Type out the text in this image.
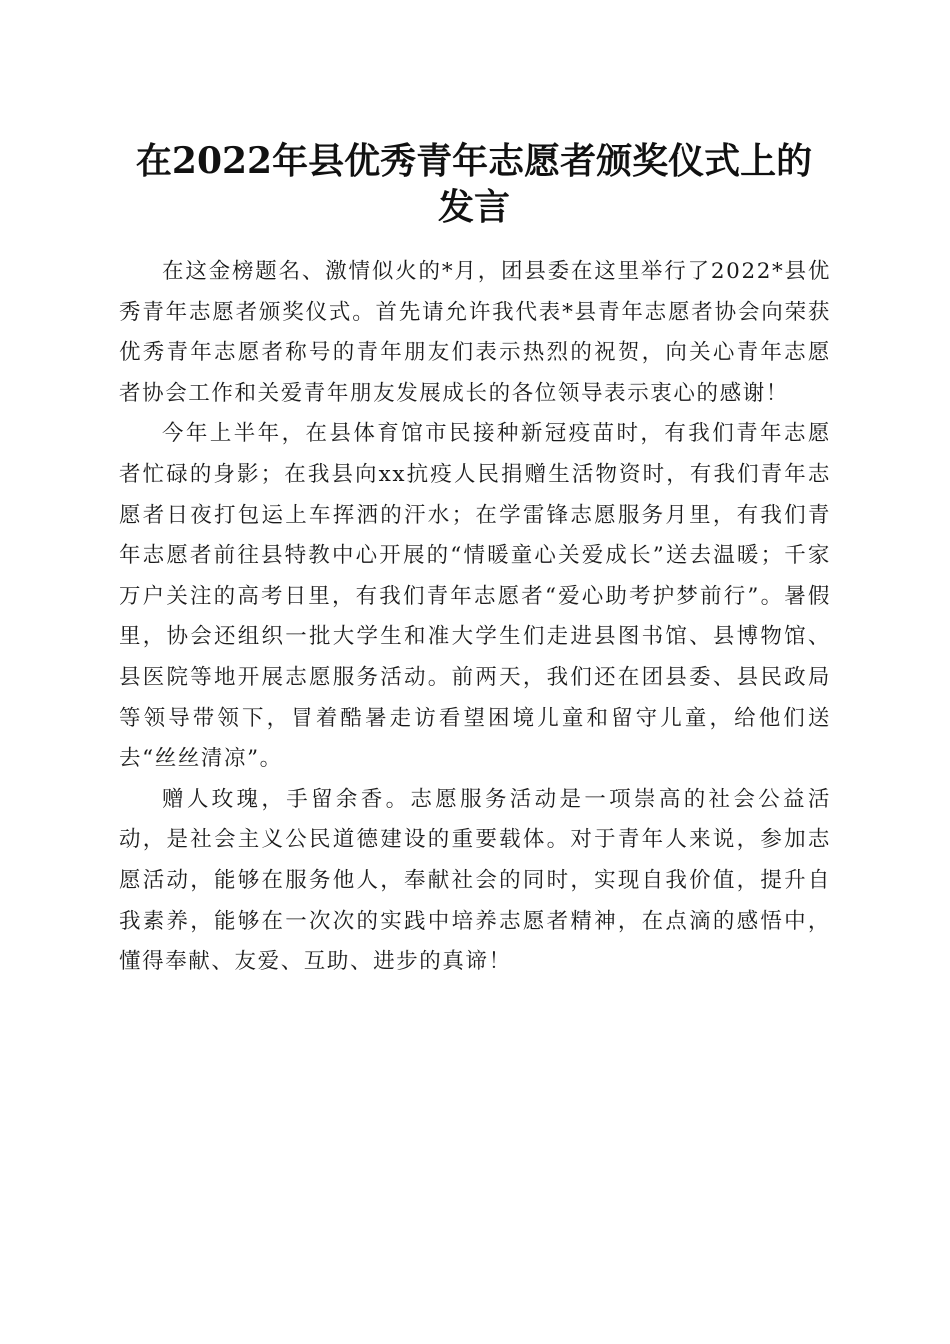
在2022年县优秀青年志愿者颁奖仪式上的发言

在这金榜题名、激情似火的*月，团县委在这里举行了2022*县优秀青年志愿者颁奖仪式。首先请允许我代表*县青年志愿者协会向荣获优秀青年志愿者称号的青年朋友们表示热烈的祝贺，向关心青年志愿者协会工作和关爱青年朋友发展成长的各位领导表示衷心的感谢！

今年上半年，在县体育馆市民接种新冠疫苗时，有我们青年志愿者忙碌的身影；在我县向xx抗疫人民捐赠生活物资时，有我们青年志愿者日夜打包运上车挥洒的汗水；在学雷锋志愿服务月里，有我们青年志愿者前往县特教中心开展的“情暖童心关爱成长”送去温暖；千家万户关注的高考日里，有我们青年志愿者“爱心助考护梦前行”。暑假里，协会还组织一批大学生和准大学生们走进县图书馆、县博物馆、县医院等地开展志愿服务活动。前两天，我们还在团县委、县民政局等领导带领下，冒着酷暑走访看望困境儿童和留守儿童，给他们送去“丝丝清凉”。

赠人玫瑰，手留余香。志愿服务活动是一项崇高的社会公益活动，是社会主义公民道德建设的重要载体。对于青年人来说，参加志愿活动，能够在服务他人，奉献社会的同时，实现自我价值，提升自我素养，能够在一次次的实践中培养志愿者精神，在点滴的感悟中，懂得奉献、友爱、互助、进步的真谛！
